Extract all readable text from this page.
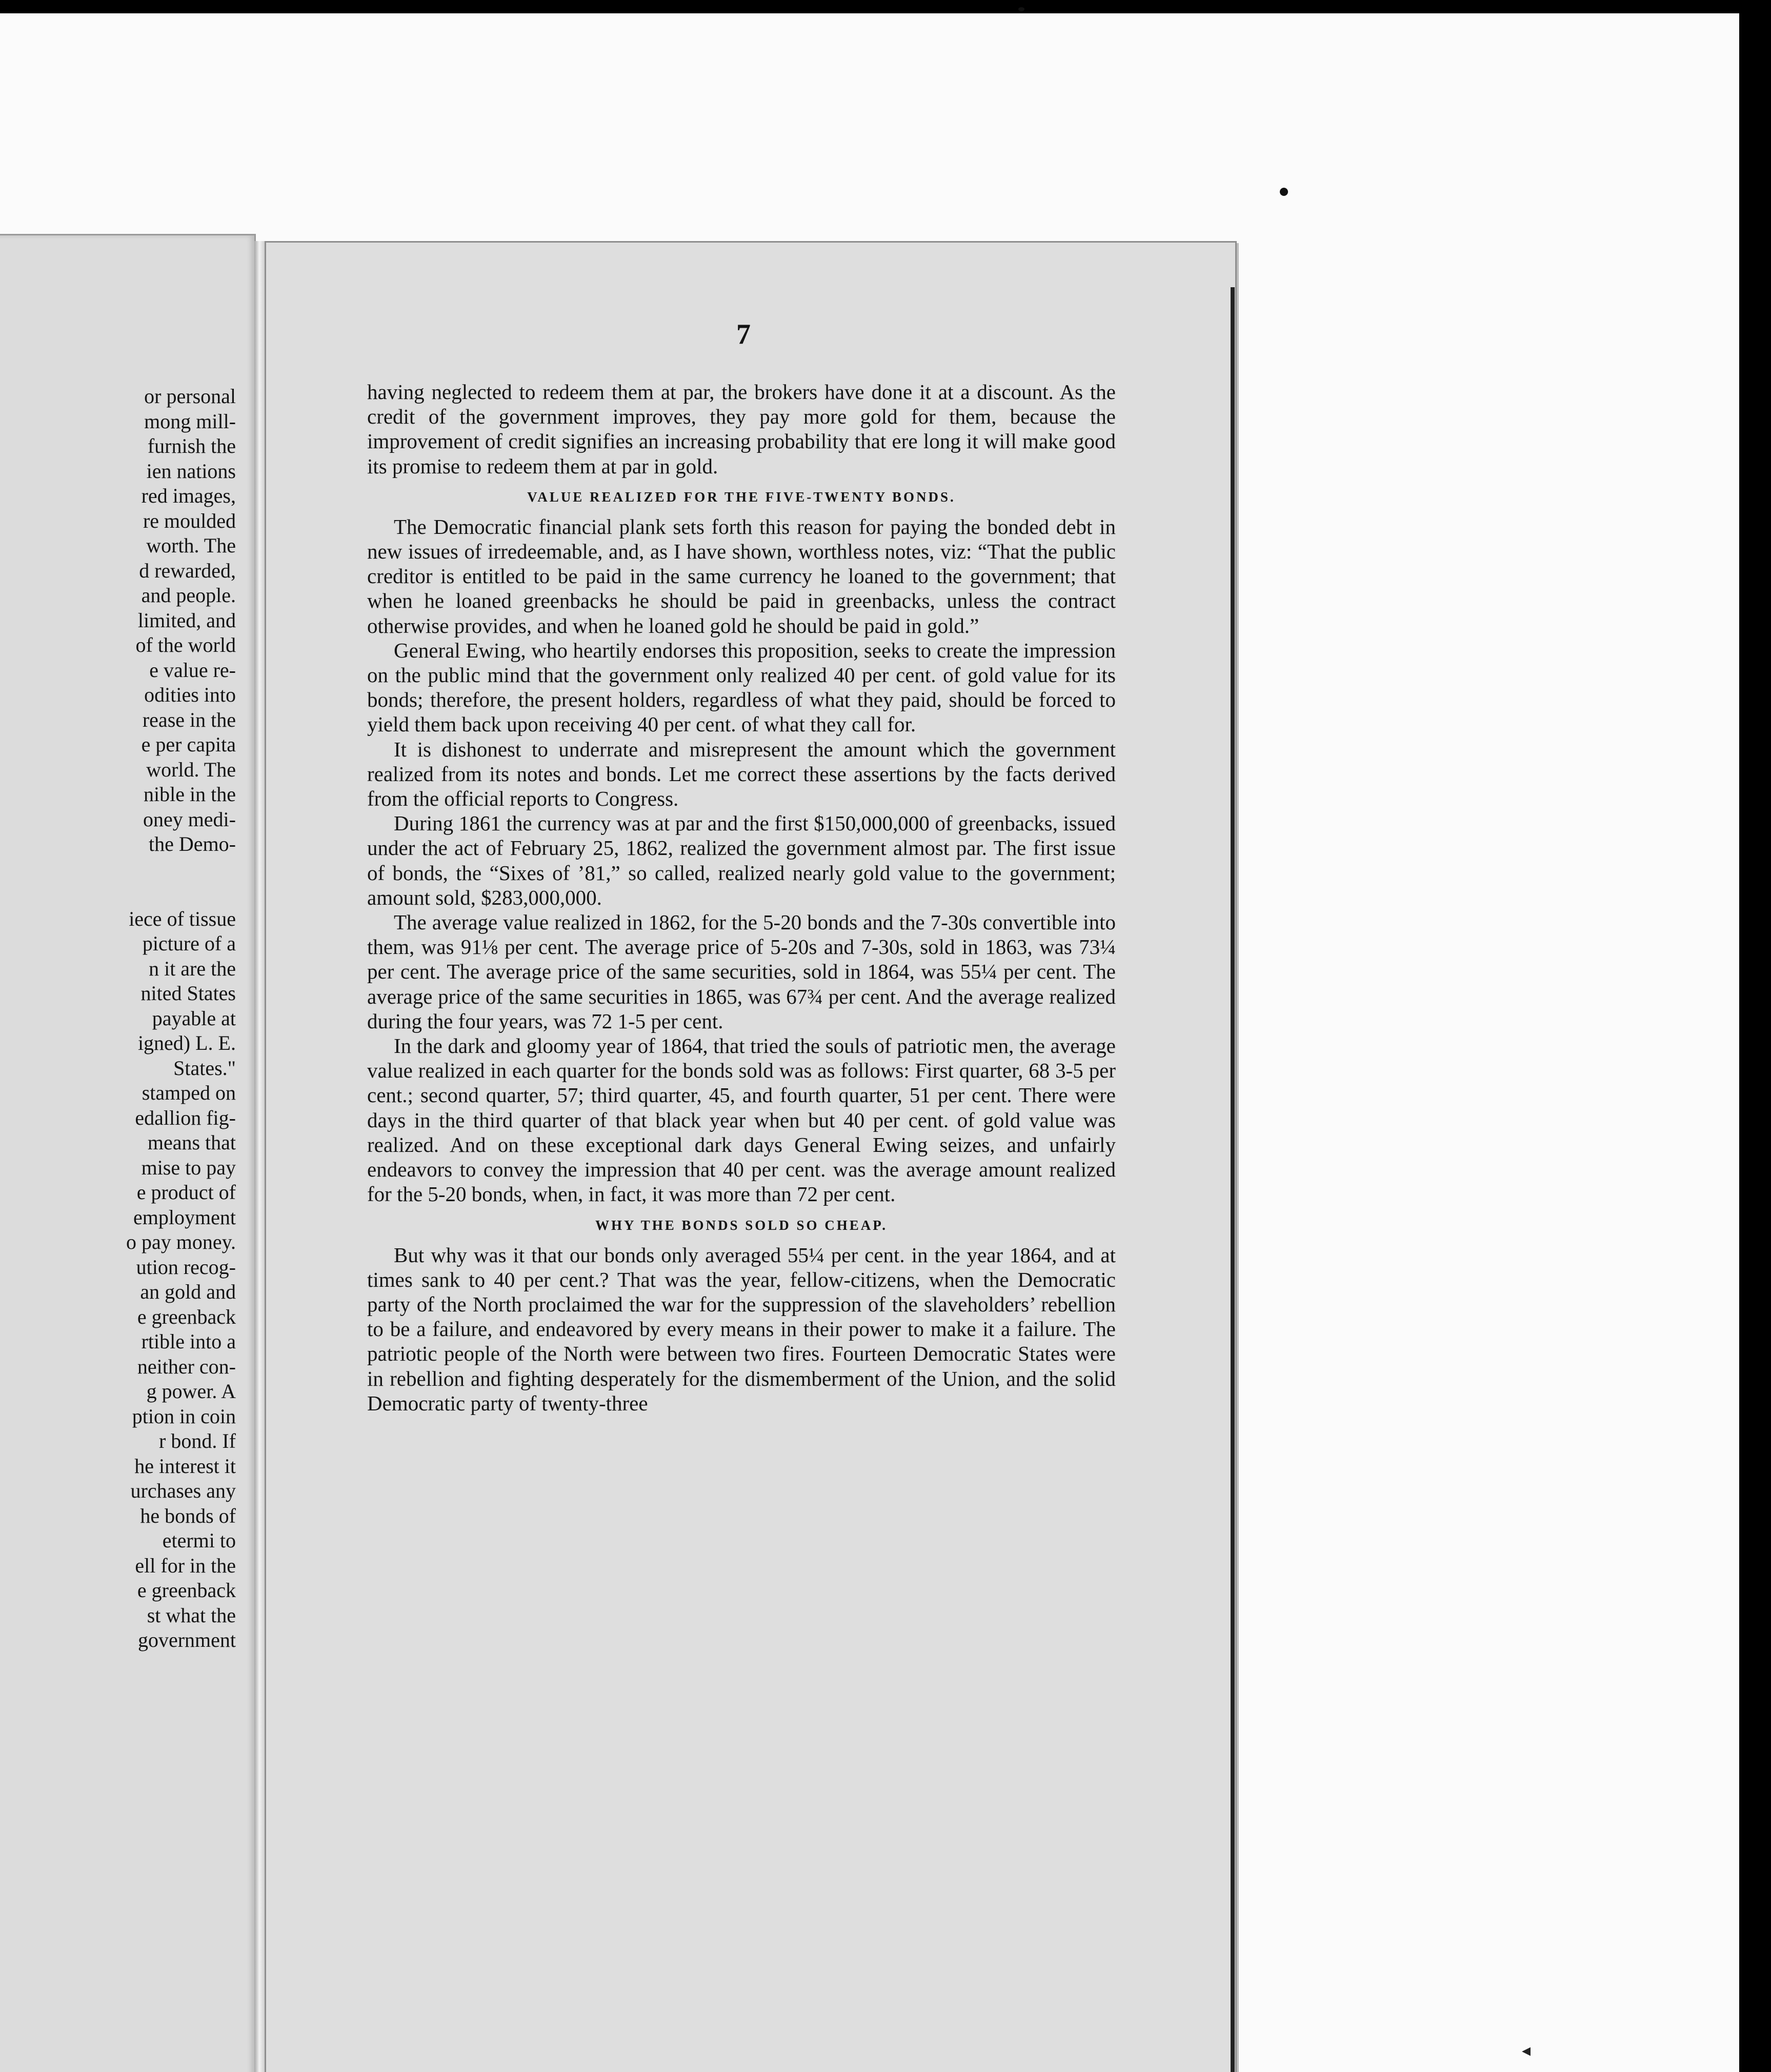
or personal
mong mill-
furnish the
ien nations
red images,
re moulded
worth. The
d rewarded,
and people.
limited, and
of the world
e value re-
odities into
rease in the
e per capita
world. The
nible in the
oney medi-
the Demo-

iece of tissue
picture of a
n it are the
nited States
payable at
igned) L. E.
States."
stamped on
edallion fig-
means that
mise to pay
e product of
employment
o pay money.
ution recog-
an gold and
e greenback
rtible into a
neither con-
g power. A
ption in coin
r bond. If
he interest it
urchases any
he bonds of
etermi to
ell for in the
e greenback
st what the
government
7

having neglected to redeem them at par, the brokers have done it at a discount. As the credit of the government improves, they pay more gold for them, because the improvement of credit signifies an increasing probability that ere long it will make good its promise to redeem them at par in gold.

VALUE REALIZED FOR THE FIVE-TWENTY BONDS.

The Democratic financial plank sets forth this reason for paying the bonded debt in new issues of irredeemable, and, as I have shown, worthless notes, viz: “That the public creditor is entitled to be paid in the same currency he loaned to the government; that when he loaned greenbacks he should be paid in greenbacks, unless the contract otherwise provides, and when he loaned gold he should be paid in gold.”

General Ewing, who heartily endorses this proposition, seeks to create the impression on the public mind that the government only realized 40 per cent. of gold value for its bonds; therefore, the present holders, regardless of what they paid, should be forced to yield them back upon receiving 40 per cent. of what they call for.

It is dishonest to underrate and misrepresent the amount which the government realized from its notes and bonds. Let me correct these assertions by the facts derived from the official reports to Congress.

During 1861 the currency was at par and the first $150,000,000 of greenbacks, issued under the act of February 25, 1862, realized the government almost par. The first issue of bonds, the “Sixes of ’81,” so called, realized nearly gold value to the government; amount sold, $283,000,000.

The average value realized in 1862, for the 5-20 bonds and the 7-30s convertible into them, was 91⅛ per cent. The average price of 5-20s and 7-30s, sold in 1863, was 73¼ per cent. The average price of the same securities, sold in 1864, was 55¼ per cent. The average price of the same securities in 1865, was 67¾ per cent. And the average realized during the four years, was 72 1-5 per cent.

In the dark and gloomy year of 1864, that tried the souls of patriotic men, the average value realized in each quarter for the bonds sold was as follows: First quarter, 68 3-5 per cent.; second quarter, 57; third quarter, 45, and fourth quarter, 51 per cent. There were days in the third quarter of that black year when but 40 per cent. of gold value was realized. And on these exceptional dark days General Ewing seizes, and unfairly endeavors to convey the impression that 40 per cent. was the average amount realized for the 5-20 bonds, when, in fact, it was more than 72 per cent.

WHY THE BONDS SOLD SO CHEAP.

But why was it that our bonds only averaged 55¼ per cent. in the year 1864, and at times sank to 40 per cent.? That was the year, fellow-citizens, when the Democratic party of the North proclaimed the war for the suppression of the slaveholders’ rebellion to be a failure, and endeavored by every means in their power to make it a failure. The patriotic people of the North were between two fires. Fourteen Democratic States were in rebellion and fighting desperately for the dismemberment of the Union, and the solid Democratic party of twenty-three

◂
